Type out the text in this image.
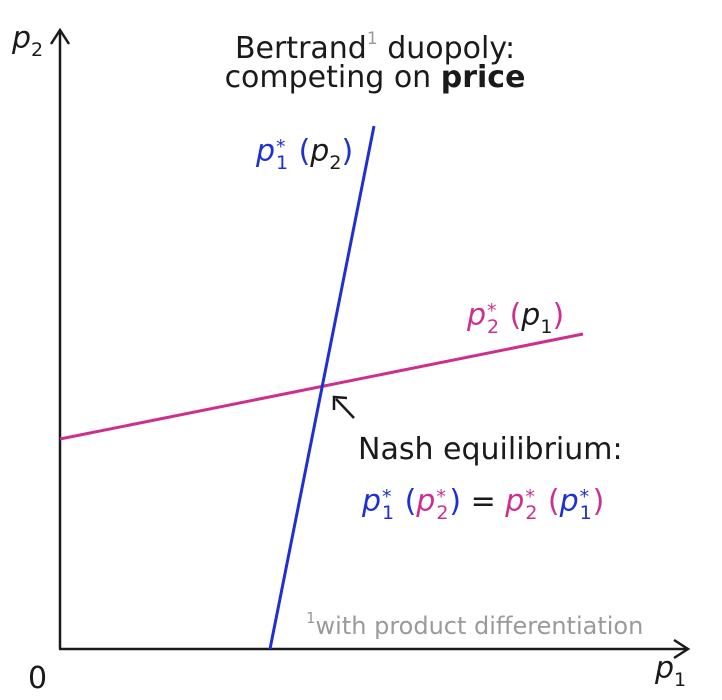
Bertrand$^1$ duopoly:
competing on price
$p_2$
$p_1$
0
p *
1 $(p_2)$
p *
2 $(p_1)$
Nash equilibrium:
p *
1 (p *
2 ) = p *
2 (p *
1 )
$^1$with product differentiation
